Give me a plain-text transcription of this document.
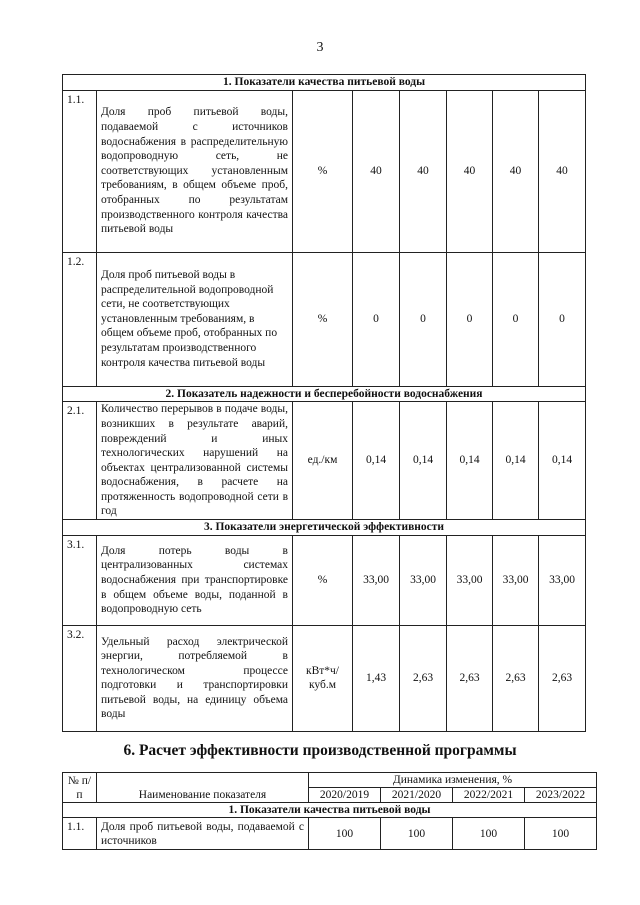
3
1. Показатели качества питьевой воды							
1.1.	Доля проб питьевой воды, подаваемой с источников водоснабжения в распределительную водопроводную сеть, не соответствующих установленным требованиям, в общем объеме проб, отобранных по результатам производственного контроля качества питьевой воды	%	40	40	40	40	40
1.2.	Доля проб питьевой воды в распределительной водопроводной сети, не соответствующих установленным требованиям, в общем объеме проб, отобранных по результатам производственного контроля качества питьевой воды	%	0	0	0	0	0
2. Показатель надежности и бесперебойности водоснабжения							
2.1.	Количество перерывов в подаче воды, возникших в результате аварий, повреждений и иных технологических нарушений на объектах централизованной системы водоснабжения, в расчете на протяженность водопроводной сети в год	ед./км	0,14	0,14	0,14	0,14	0,14
3. Показатели энергетической эффективности							
3.1.	Доля потерь воды в централизованных системах водоснабжения при транспортировке в общем объеме воды, поданной в водопроводную сеть	%	33,00	33,00	33,00	33,00	33,00
3.2.	Удельный расход электрической энергии, потребляемой в технологическом процессе подготовки и транспортировки питьевой воды, на единицу объема воды	кВт*ч/ куб.м	1,43	2,63	2,63	2,63	2,63
6. Расчет эффективности производственной программы
№ п/п	Наименование показателя	Динамика изменения, %			
		2020/2019	2021/2020	2022/2021	2023/2022
1. Показатели качества питьевой воды					
1.1.	Доля проб питьевой воды, подаваемой с источников	100	100	100	100
